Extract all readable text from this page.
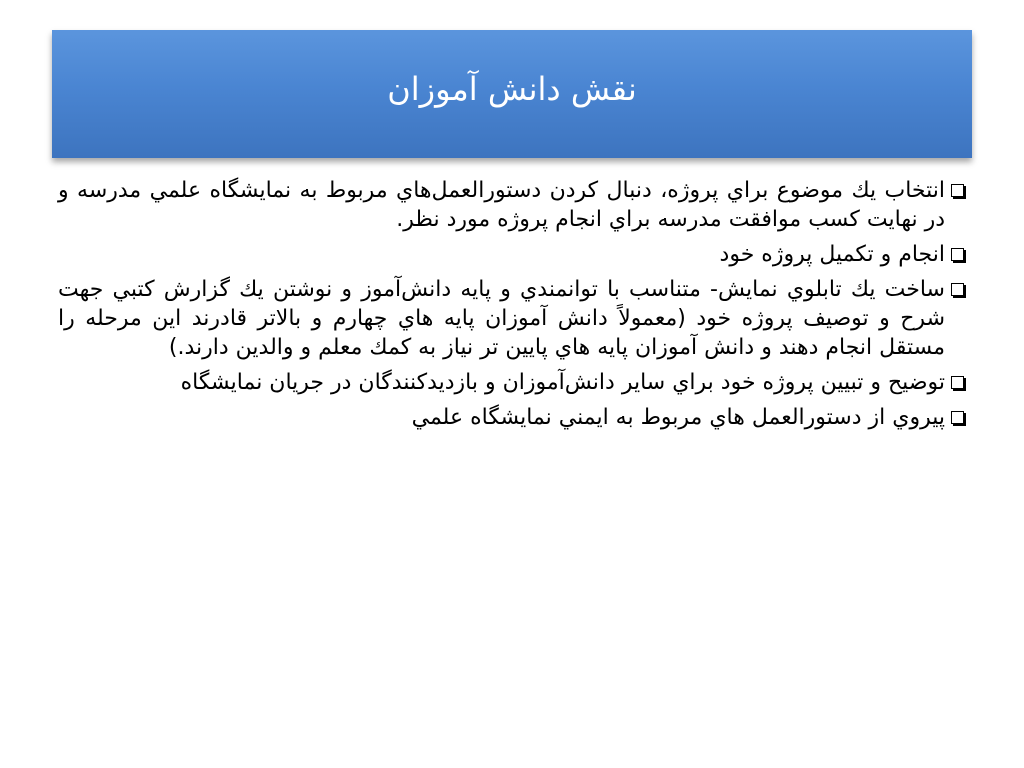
نقش دانش آموزان
انتخاب يك موضوع براي پروژه، دنبال كردن دستورالعمل‌هاي مربوط به نمايشگاه علمي مدرسه و در نهايت كسب موافقت مدرسه براي انجام پروژه مورد نظر.
انجام و تكميل پروژه خود
ساخت يك تابلوي نمايش- متناسب با توانمندي و پايه دانش‌آموز و نوشتن يك گزارش كتبي جهت شرح و توصيف پروژه خود (معمولاً دانش آموزان پايه هاي چهارم و بالاتر قادرند اين مرحله را مستقل انجام دهند و دانش آموزان پايه هاي پايين تر نياز به كمك معلم و والدين دارند.)
توضيح و تبيين پروژه خود براي ساير دانش‌آموزان و بازديدكنندگان در جريان نمايشگاه
پيروي از دستورالعمل هاي مربوط به ايمني نمايشگاه علمي
